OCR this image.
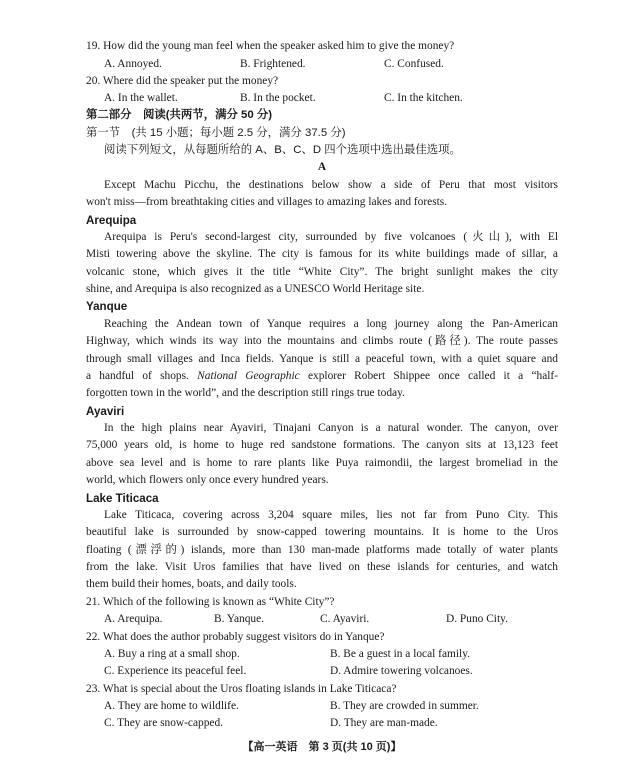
19. How did the young man feel when the speaker asked him to give the money?
A. Annoyed.	B. Frightened.	C. Confused.
20. Where did the speaker put the money?
A. In the wallet.	B. In the pocket.	C. In the kitchen.
第二部分　阅读(共两节，满分 50 分)
第一节　(共 15 小题；每小题 2.5 分，满分 37.5 分)
阅读下列短文，从每题所给的 A、B、C、D 四个选项中选出最佳选项。
A
Except Machu Picchu, the destinations below show a side of Peru that most visitors
won't miss—from breathtaking cities and villages to amazing lakes and forests.
Arequipa
Arequipa is Peru's second-largest city, surrounded by five volcanoes (火山), with El
Misti towering above the skyline. The city is famous for its white buildings made of sillar, a
volcanic stone, which gives it the title “White City”. The bright sunlight makes the city
shine, and Arequipa is also recognized as a UNESCO World Heritage site.
Yanque
Reaching the Andean town of Yanque requires a long journey along the Pan-American
Highway, which winds its way into the mountains and climbs route (路径). The route passes
through small villages and Inca fields. Yanque is still a peaceful town, with a quiet square and
a handful of shops. National Geographic explorer Robert Shippee once called it a “half-
forgotten town in the world”, and the description still rings true today.
Ayaviri
In the high plains near Ayaviri, Tinajani Canyon is a natural wonder. The canyon, over
75,000 years old, is home to huge red sandstone formations. The canyon sits at 13,123 feet
above sea level and is home to rare plants like Puya raimondii, the largest bromeliad in the
world, which flowers only once every hundred years.
Lake Titicaca
Lake Titicaca, covering across 3,204 square miles, lies not far from Puno City. This
beautiful lake is surrounded by snow-capped towering mountains. It is home to the Uros
floating (漂浮的) islands, more than 130 man-made platforms made totally of water plants
from the lake. Visit Uros families that have lived on these islands for centuries, and watch
them build their homes, boats, and daily tools.
21. Which of the following is known as “White City”?
A. Arequipa.	B. Yanque.	C. Ayaviri.	D. Puno City.
22. What does the author probably suggest visitors do in Yanque?
A. Buy a ring at a small shop.	B. Be a guest in a local family.
C. Experience its peaceful feel.	D. Admire towering volcanoes.
23. What is special about the Uros floating islands in Lake Titicaca?
A. They are home to wildlife.	B. They are crowded in summer.
C. They are snow-capped.	D. They are man-made.
【高一英语　第 3 页(共 10 页)】
